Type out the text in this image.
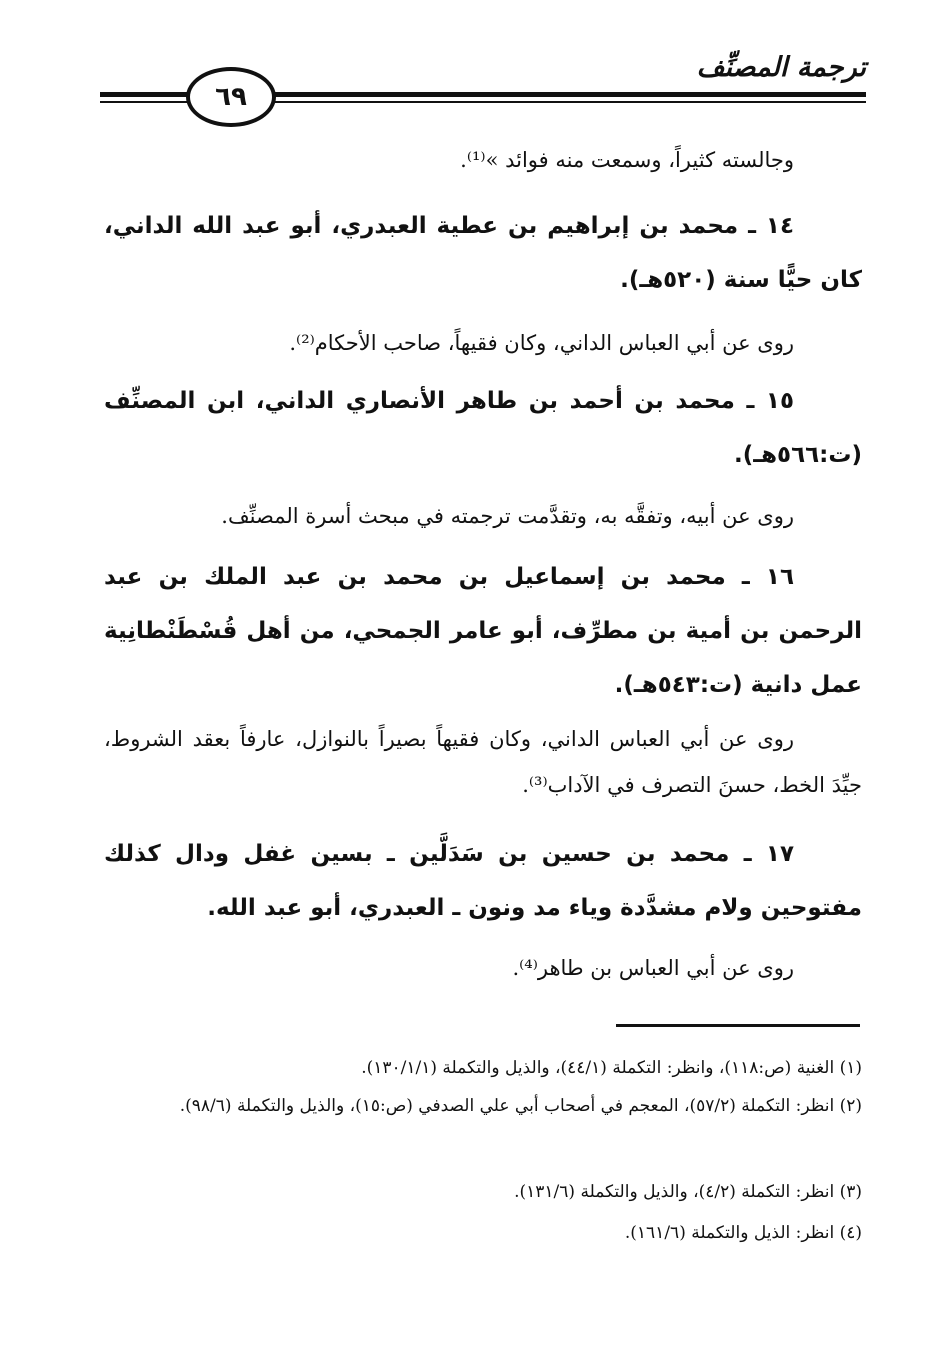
ترجمة المصنِّف
٦٩
وجالسته كثيراً، وسمعت منه فوائد »⁽¹⁾.
١٤ ـ محمد بن إبراهيم بن عطية العبدري، أبو عبد الله الداني، كان حيًّا سنة (٥٢٠هـ).
روى عن أبي العباس الداني، وكان فقيهاً، صاحب الأحكام⁽²⁾.
١٥ ـ محمد بن أحمد بن طاهر الأنصاري الداني، ابن المصنِّف (ت:٥٦٦هـ).
روى عن أبيه، وتفقَّه به، وتقدَّمت ترجمته في مبحث أسرة المصنِّف.
١٦ ـ محمد بن إسماعيل بن محمد بن عبد الملك بن عبد الرحمن بن أمية بن مطرِّف، أبو عامر الجمحي، من أهل قُسْطَنْطانِية عمل دانية (ت:٥٤٣هـ).
روى عن أبي العباس الداني، وكان فقيهاً بصيراً بالنوازل، عارفاً بعقد الشروط، جيِّدَ الخط، حسنَ التصرف في الآداب⁽³⁾.
١٧ ـ محمد بن حسين بن سَدَلَّين ـ بسين غفل ودال كذلك مفتوحين ولام مشدَّدة وياء مد ونون ـ العبدري، أبو عبد الله.
روى عن أبي العباس بن طاهر⁽⁴⁾.
(١) الغنية (ص:١١٨)، وانظر: التكملة (٤٤/١)، والذيل والتكملة (١٣٠/١/١).
(٢) انظر: التكملة (٥٧/٢)، المعجم في أصحاب أبي علي الصدفي (ص:١٥)، والذيل والتكملة (٩٨/٦).
(٣) انظر: التكملة (٤/٢)، والذيل والتكملة (١٣١/٦).
(٤) انظر: الذيل والتكملة (١٦١/٦).
